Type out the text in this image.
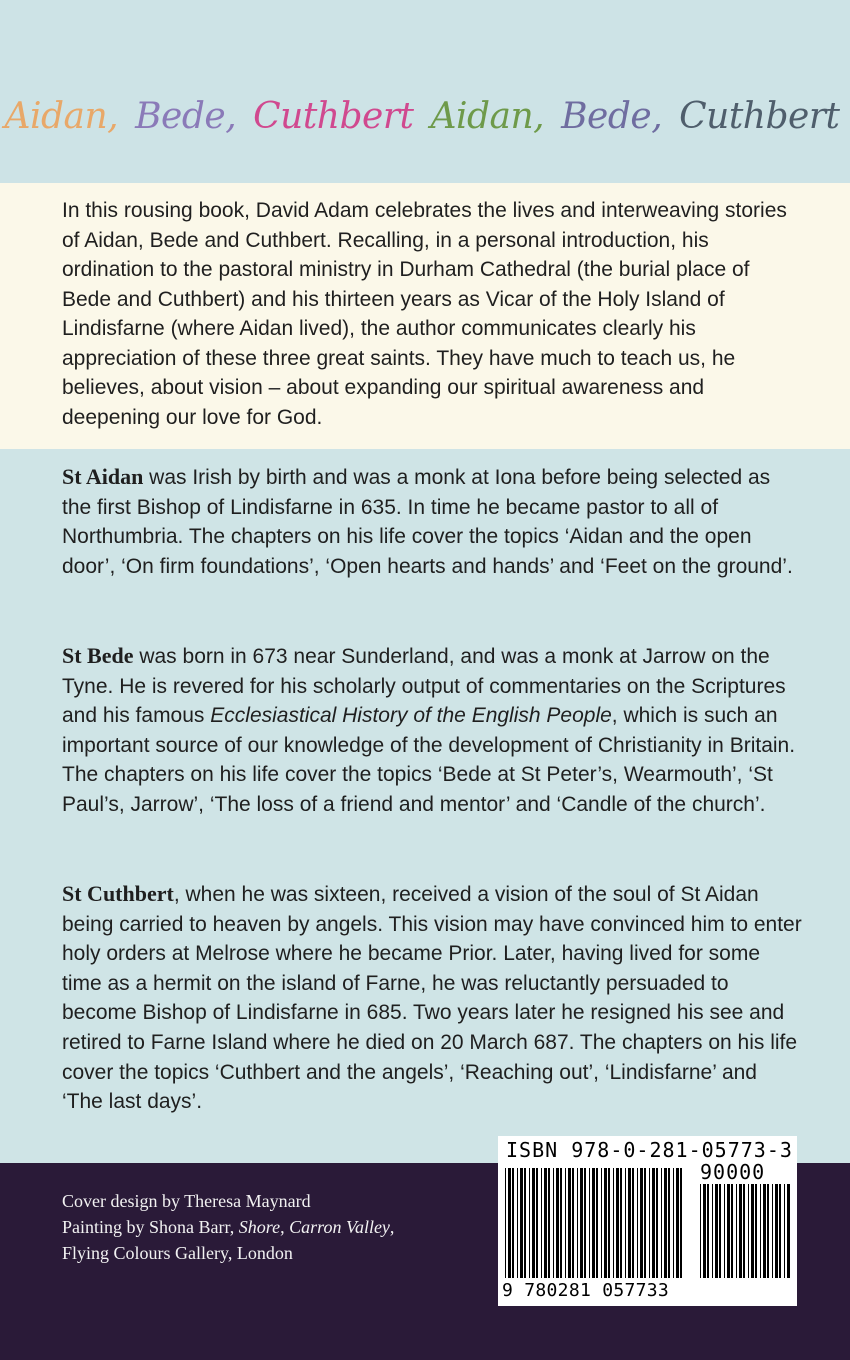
Aidan, Bede, Cuthbert Aidan, Bede, Cuthbert
In this rousing book, David Adam celebrates the lives and interweaving stories of Aidan, Bede and Cuthbert. Recalling, in a personal introduction, his ordination to the pastoral ministry in Durham Cathedral (the burial place of Bede and Cuthbert) and his thirteen years as Vicar of the Holy Island of Lindisfarne (where Aidan lived), the author communicates clearly his appreciation of these three great saints. They have much to teach us, he believes, about vision – about expanding our spiritual awareness and deepening our love for God.
St Aidan was Irish by birth and was a monk at Iona before being selected as the first Bishop of Lindisfarne in 635. In time he became pastor to all of Northumbria. The chapters on his life cover the topics ‘Aidan and the open door’, ‘On firm foundations’, ‘Open hearts and hands’ and ‘Feet on the ground’.
St Bede was born in 673 near Sunderland, and was a monk at Jarrow on the Tyne. He is revered for his scholarly output of commentaries on the Scriptures and his famous Ecclesiastical History of the English People, which is such an important source of our knowledge of the development of Christianity in Britain. The chapters on his life cover the topics ‘Bede at St Peter’s, Wearmouth’, ‘St Paul’s, Jarrow’, ‘The loss of a friend and mentor’ and ‘Candle of the church’.
St Cuthbert, when he was sixteen, received a vision of the soul of St Aidan being carried to heaven by angels. This vision may have convinced him to enter holy orders at Melrose where he became Prior. Later, having lived for some time as a hermit on the island of Farne, he was reluctantly persuaded to become Bishop of Lindisfarne in 685. Two years later he resigned his see and retired to Farne Island where he died on 20 March 687. The chapters on his life cover the topics ‘Cuthbert and the angels’, ‘Reaching out’, ‘Lindisfarne’ and ‘The last days’.
Cover design by Theresa Maynard
Painting by Shona Barr, Shore, Carron Valley,
Flying Colours Gallery, London
ISBN 978-0-281-05773-3
90000
9 780281 057733
